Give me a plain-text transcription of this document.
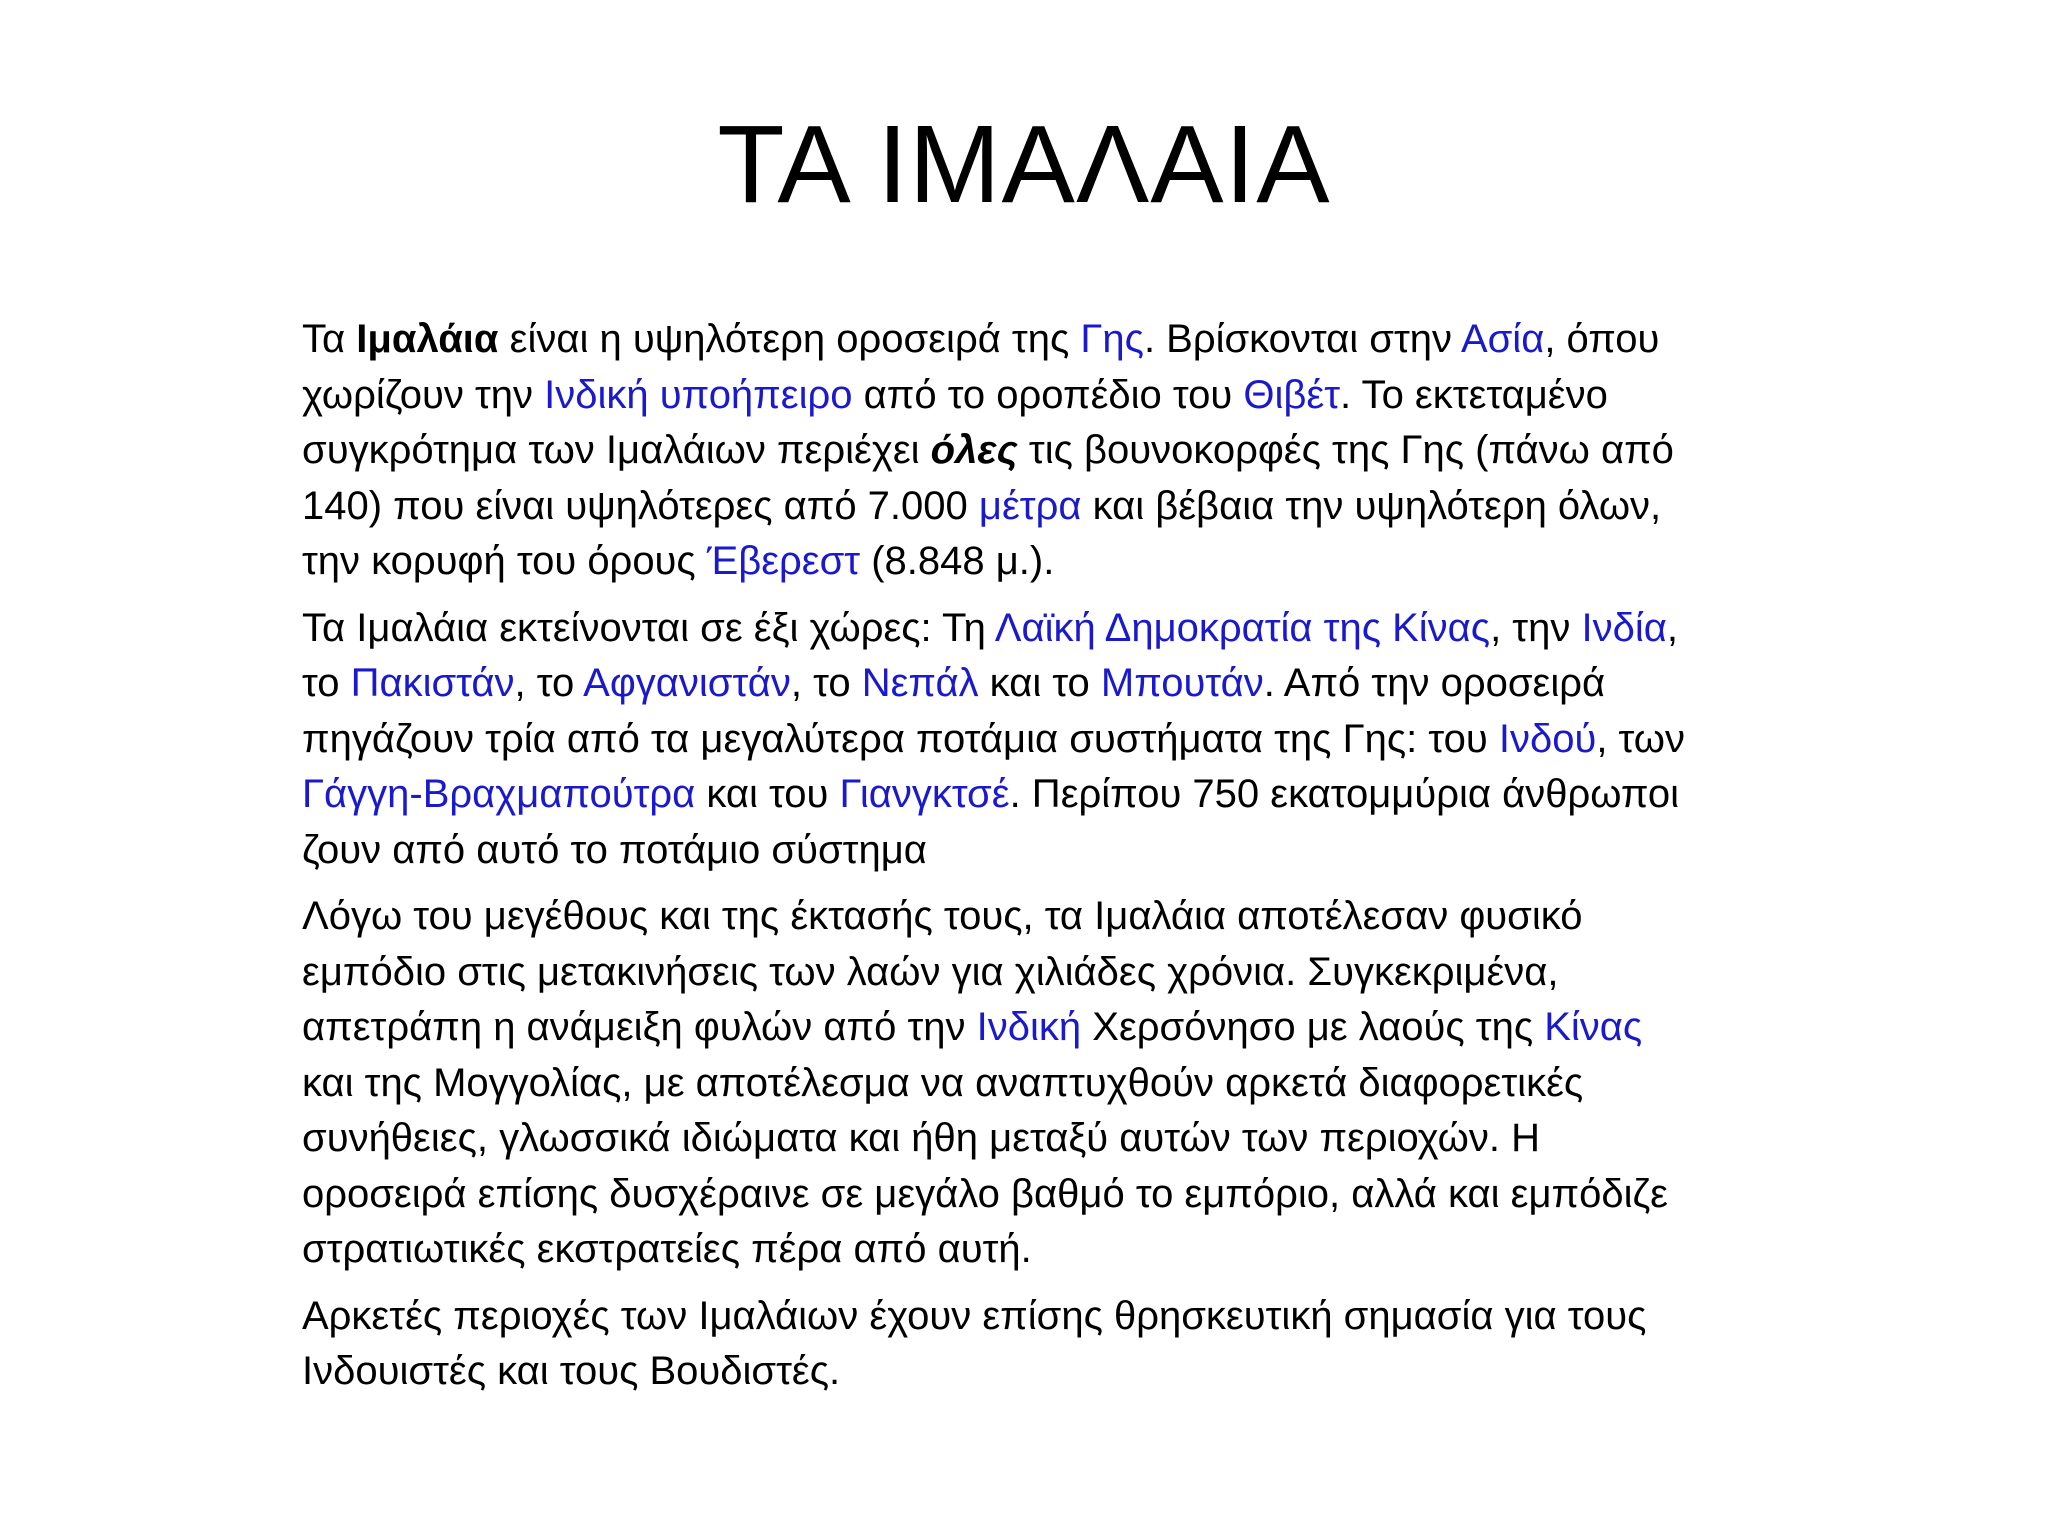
ΤΑ ΙΜΑΛΑΙΑ

Τα Ιμαλάια είναι η υψηλότερη οροσειρά της Γης. Βρίσκονται στην Ασία, όπου χωρίζουν την Ινδική υποήπειρο από το οροπέδιο του Θιβέτ. Το εκτεταμένο συγκρότημα των Ιμαλάιων περιέχει όλες τις βουνοκορφές της Γης (πάνω από 140) που είναι υψηλότερες από 7.000 μέτρα και βέβαια την υψηλότερη όλων, την κορυφή του όρους Έβερεστ (8.848 μ.).

Τα Ιμαλάια εκτείνονται σε έξι χώρες: Τη Λαϊκή Δημοκρατία της Κίνας, την Ινδία, το Πακιστάν, το Αφγανιστάν, το Νεπάλ και το Μπουτάν. Από την οροσειρά πηγάζουν τρία από τα μεγαλύτερα ποτάμια συστήματα της Γης: του Ινδού, των Γάγγη-Βραχμαπούτρα και του Γιανγκτσέ. Περίπου 750 εκατομμύρια άνθρωποι ζουν από αυτό το ποτάμιο σύστημα

Λόγω του μεγέθους και της έκτασής τους, τα Ιμαλάια αποτέλεσαν φυσικό εμπόδιο στις μετακινήσεις των λαών για χιλιάδες χρόνια. Συγκεκριμένα, απετράπη η ανάμειξη φυλών από την Ινδική Χερσόνησο με λαούς της Κίνας και της Μογγολίας, με αποτέλεσμα να αναπτυχθούν αρκετά διαφορετικές συνήθειες, γλωσσικά ιδιώματα και ήθη μεταξύ αυτών των περιοχών. Η οροσειρά επίσης δυσχέραινε σε μεγάλο βαθμό το εμπόριο, αλλά και εμπόδιζε στρατιωτικές εκστρατείες πέρα από αυτή.

Αρκετές περιοχές των Ιμαλάιων έχουν επίσης θρησκευτική σημασία για τους Ινδουιστές και τους Βουδιστές.
